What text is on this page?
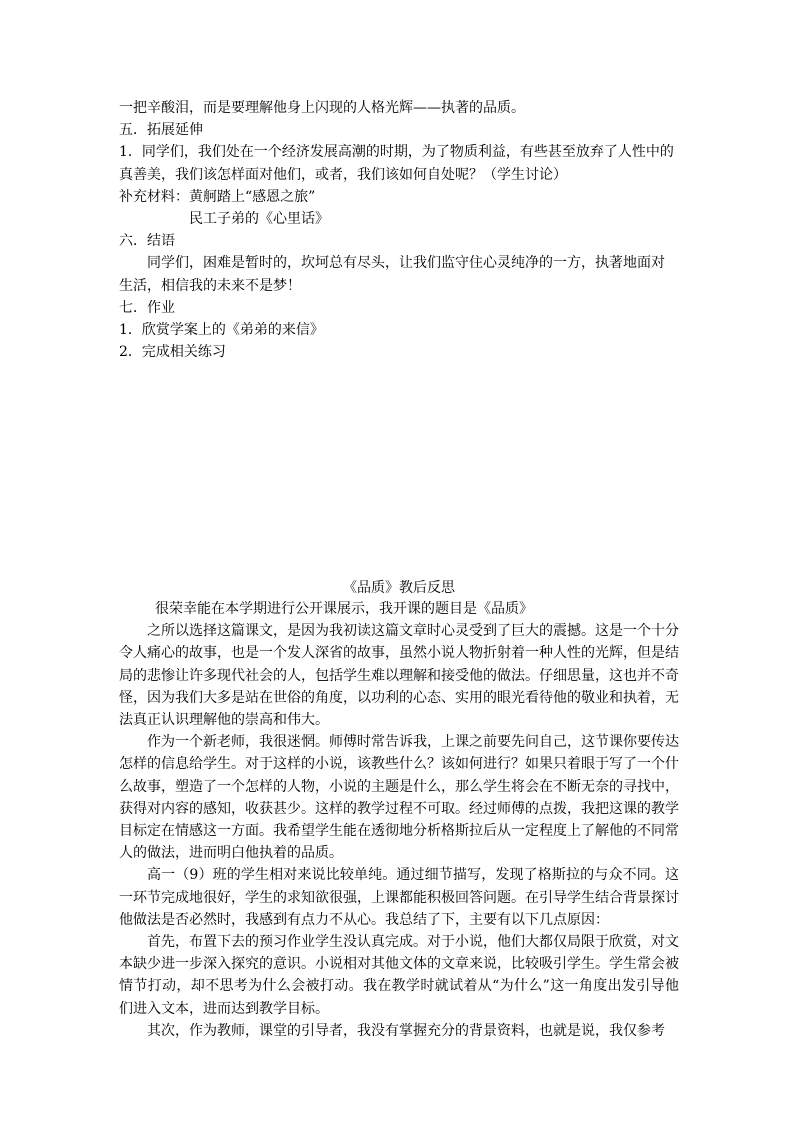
一把辛酸泪，而是要理解他身上闪现的人格光辉——执著的品质。

五．拓展延伸

1．同学们，我们处在一个经济发展高潮的时期，为了物质利益，有些甚至放弃了人性中的

真善美，我们该怎样面对他们，或者，我们该如何自处呢？（学生讨论）

补充材料：黄舸踏上“感恩之旅”

民工子弟的《心里话》

六．结语

同学们，困难是暂时的，坎坷总有尽头，让我们监守住心灵纯净的一方，执著地面对

生活，相信我的未来不是梦！

七．作业

1．欣赏学案上的《弟弟的来信》

2．完成相关练习

《品质》教后反思

很荣幸能在本学期进行公开课展示，我开课的题目是《品质》

之所以选择这篇课文，是因为我初读这篇文章时心灵受到了巨大的震撼。这是一个十分令人痛心的故事，也是一个发人深省的故事，虽然小说人物折射着一种人性的光辉，但是结局的悲惨让许多现代社会的人，包括学生难以理解和接受他的做法。仔细思量，这也并不奇怪，因为我们大多是站在世俗的角度，以功利的心态、实用的眼光看待他的敬业和执着，无法真正认识理解他的崇高和伟大。

作为一个新老师，我很迷惘。师傅时常告诉我，上课之前要先问自己，这节课你要传达怎样的信息给学生。对于这样的小说，该教些什么？该如何进行？如果只着眼于写了一个什么故事，塑造了一个怎样的人物，小说的主题是什么，那么学生将会在不断无奈的寻找中，获得对内容的感知，收获甚少。这样的教学过程不可取。经过师傅的点拨，我把这课的教学目标定在情感这一方面。我希望学生能在透彻地分析格斯拉后从一定程度上了解他的不同常人的做法，进而明白他执着的品质。

高一（9）班的学生相对来说比较单纯。通过细节描写，发现了格斯拉的与众不同。这一环节完成地很好，学生的求知欲很强，上课都能积极回答问题。在引导学生结合背景探讨他做法是否必然时，我感到有点力不从心。我总结了下，主要有以下几点原因：

首先，布置下去的预习作业学生没认真完成。对于小说，他们大都仅局限于欣赏，对文本缺少进一步深入探究的意识。小说相对其他文体的文章来说，比较吸引学生。学生常会被情节打动，却不思考为什么会被打动。我在教学时就试着从“为什么”这一角度出发引导他们进入文本，进而达到教学目标。

其次，作为教师，课堂的引导者，我没有掌握充分的背景资料，也就是说，我仅参考
